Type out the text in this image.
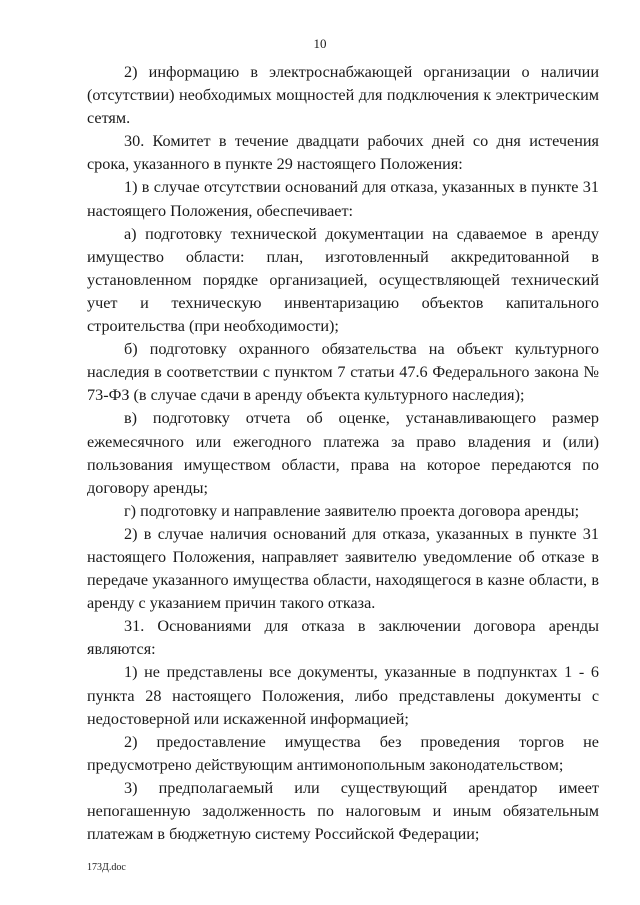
10

2) информацию в электроснабжающей организации о наличии (отсутствии) необходимых мощностей для подключения к электрическим сетям.

30. Комитет в течение двадцати рабочих дней со дня истечения срока, указанного в пункте 29 настоящего Положения:

1) в случае отсутствии оснований для отказа, указанных в пункте 31 настоящего Положения, обеспечивает:

а) подготовку технической документации на сдаваемое в аренду имущество области: план, изготовленный аккредитованной в установленном порядке организацией, осуществляющей технический учет и техническую инвентаризацию объектов капитального строительства (при необходимости);

б) подготовку охранного обязательства на объект культурного наследия в соответствии с пунктом 7 статьи 47.6 Федерального закона № 73-ФЗ (в случае сдачи в аренду объекта культурного наследия);

в) подготовку отчета об оценке, устанавливающего размер ежемесячного или ежегодного платежа за право владения и (или) пользования имуществом области, права на которое передаются по договору аренды;

г) подготовку и направление заявителю проекта договора аренды;

2) в случае наличия оснований для отказа, указанных в пункте 31 настоящего Положения, направляет заявителю уведомление об отказе в передаче указанного имущества области, находящегося в казне области, в аренду с указанием причин такого отказа.

31. Основаниями для отказа в заключении договора аренды являются:

1) не представлены все документы, указанные в подпунктах 1 - 6 пункта 28 настоящего Положения, либо представлены документы с недостоверной или искаженной информацией;

2) предоставление имущества без проведения торгов не предусмотрено действующим антимонопольным законодательством;

3) предполагаемый или существующий арендатор имеет непогашенную задолженность по налоговым и иным обязательным платежам в бюджетную систему Российской Федерации;

173Д.doc
